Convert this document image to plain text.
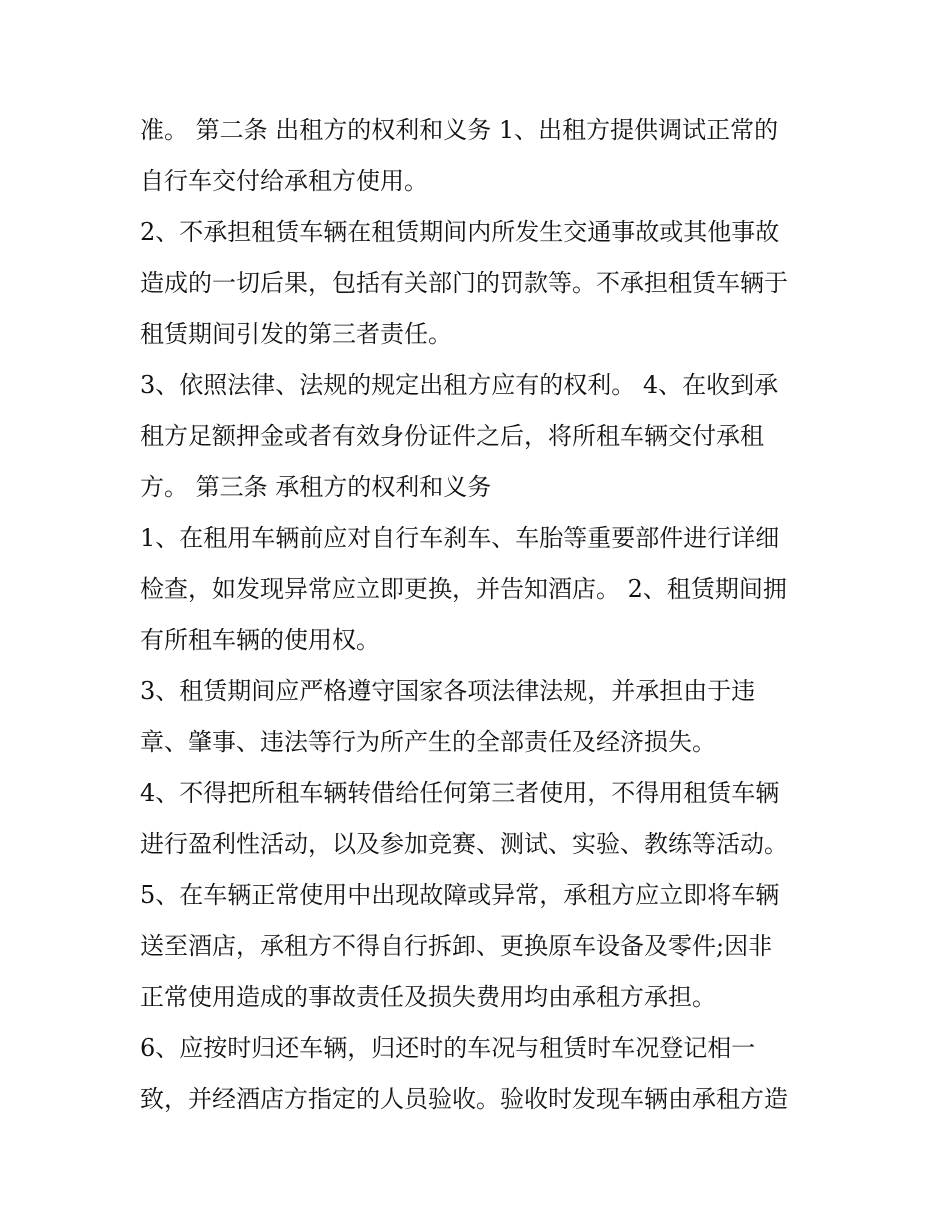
准。 第二条 出租方的权利和义务 1、出租方提供调试正常的
自行车交付给承租方使用。
2、不承担租赁车辆在租赁期间内所发生交通事故或其他事故
造成的一切后果，包括有关部门的罚款等。不承担租赁车辆于
租赁期间引发的第三者责任。
3、依照法律、法规的规定出租方应有的权利。 4、在收到承
租方足额押金或者有效身份证件之后，将所租车辆交付承租
方。 第三条 承租方的权利和义务
1、在租用车辆前应对自行车刹车、车胎等重要部件进行详细
检查，如发现异常应立即更换，并告知酒店。 2、租赁期间拥
有所租车辆的使用权。
3、租赁期间应严格遵守国家各项法律法规，并承担由于违
章、肇事、违法等行为所产生的全部责任及经济损失。
4、不得把所租车辆转借给任何第三者使用，不得用租赁车辆
进行盈利性活动，以及参加竞赛、测试、实验、教练等活动。
5、在车辆正常使用中出现故障或异常，承租方应立即将车辆
送至酒店，承租方不得自行拆卸、更换原车设备及零件;因非
正常使用造成的事故责任及损失费用均由承租方承担。
6、应按时归还车辆，归还时的车况与租赁时车况登记相一
致，并经酒店方指定的人员验收。验收时发现车辆由承租方造
